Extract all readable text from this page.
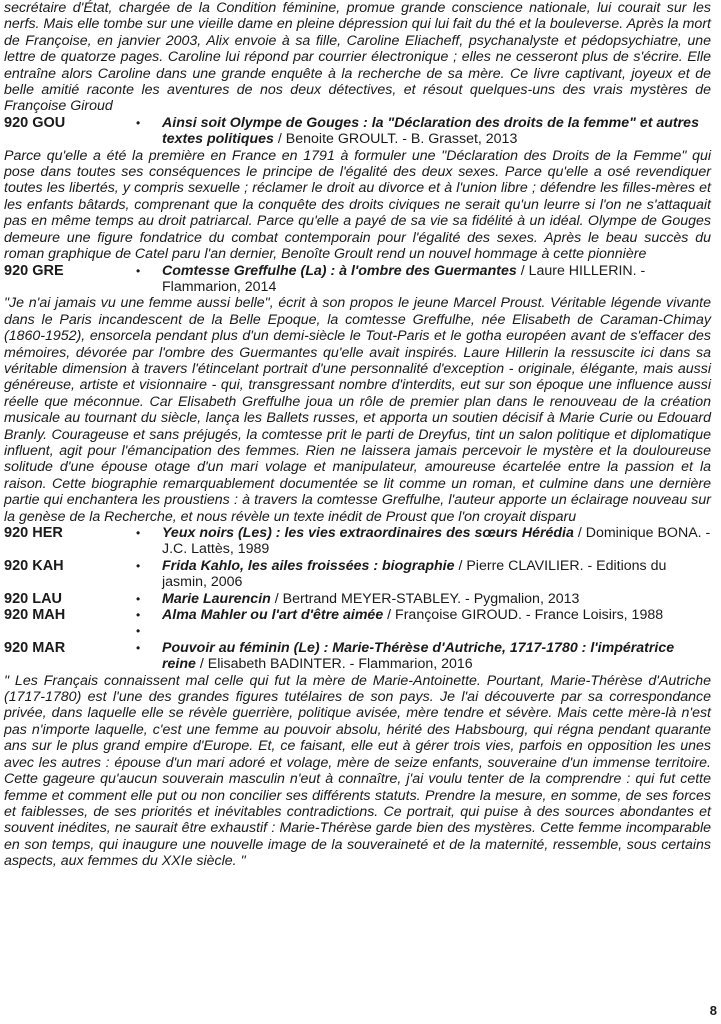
secrétaire d'État, chargée de la Condition féminine, promue grande conscience nationale, lui courait sur les nerfs. Mais elle tombe sur une vieille dame en pleine dépression qui lui fait du thé et la bouleverse. Après la mort de Françoise, en janvier 2003, Alix envoie à sa fille, Caroline Eliacheff, psychanalyste et pédopsychiatre, une lettre de quatorze pages. Caroline lui répond par courrier électronique ; elles ne cesseront plus de s'écrire. Elle entraîne alors Caroline dans une grande enquête à la recherche de sa mère. Ce livre captivant, joyeux et de belle amitié raconte les aventures de nos deux détectives, et résout quelques-uns des vrais mystères de Françoise Giroud

920 GOU	•	Ainsi soit Olympe de Gouges : la "Déclaration des droits de la femme" et autres textes politiques / Benoite GROULT. - B. Grasset, 2013

Parce qu'elle a été la première en France en 1791 à formuler une "Déclaration des Droits de la Femme" qui pose dans toutes ses conséquences le principe de l'égalité des deux sexes. Parce qu'elle a osé revendiquer toutes les libertés, y compris sexuelle ; réclamer le droit au divorce et à l'union libre ; défendre les filles-mères et les enfants bâtards, comprenant que la conquête des droits civiques ne serait qu'un leurre si l'on ne s'attaquait pas en même temps au droit patriarcal. Parce qu'elle a payé de sa vie sa fidélité à un idéal. Olympe de Gouges demeure une figure fondatrice du combat contemporain pour l'égalité des sexes. Après le beau succès du roman graphique de Catel paru l'an dernier, Benoîte Groult rend un nouvel hommage à cette pionnière

920 GRE	•	Comtesse Greffulhe (La) : à l'ombre des Guermantes / Laure HILLERIN. - Flammarion, 2014

"Je n'ai jamais vu une femme aussi belle", écrit à son propos le jeune Marcel Proust. Véritable légende vivante dans le Paris incandescent de la Belle Epoque, la comtesse Greffulhe, née Elisabeth de Caraman-Chimay (1860-1952), ensorcela pendant plus d'un demi-siècle le Tout-Paris et le gotha européen avant de s'effacer des mémoires, dévorée par l'ombre des Guermantes qu'elle avait inspirés. Laure Hillerin la ressuscite ici dans sa véritable dimension à travers l'étincelant portrait d'une personnalité d'exception - originale, élégante, mais aussi généreuse, artiste et visionnaire - qui, transgressant nombre d'interdits, eut sur son époque une influence aussi réelle que méconnue. Car Elisabeth Greffulhe joua un rôle de premier plan dans le renouveau de la création musicale au tournant du siècle, lança les Ballets russes, et apporta un soutien décisif à Marie Curie ou Edouard Branly. Courageuse et sans préjugés, la comtesse prit le parti de Dreyfus, tint un salon politique et diplomatique influent, agit pour l'émancipation des femmes. Rien ne laissera jamais percevoir le mystère et la douloureuse solitude d'une épouse otage d'un mari volage et manipulateur, amoureuse écartelée entre la passion et la raison. Cette biographie remarquablement documentée se lit comme un roman, et culmine dans une dernière partie qui enchantera les proustiens : à travers la comtesse Greffulhe, l'auteur apporte un éclairage nouveau sur la genèse de la Recherche, et nous révèle un texte inédit de Proust que l'on croyait disparu

920 HER	•	Yeux noirs (Les) : les vies extraordinaires des sœurs Hérédia / Dominique BONA. - J.C. Lattès, 1989
920 KAH	•	Frida Kahlo, les ailes froissées : biographie / Pierre CLAVILIER. - Editions du jasmin, 2006
920 LAU	•	Marie Laurencin / Bertrand MEYER-STABLEY. - Pygmalion, 2013
920 MAH	•	Alma Mahler ou l'art d'être aimée / Françoise GIROUD. - France Loisirs, 1988
•
920 MAR	•	Pouvoir au féminin (Le) : Marie-Thérèse d'Autriche, 1717-1780 : l'impératrice reine / Elisabeth BADINTER. - Flammarion, 2016

" Les Français connaissent mal celle qui fut la mère de Marie-Antoinette. Pourtant, Marie-Thérèse d'Autriche (1717-1780) est l'une des grandes figures tutélaires de son pays. Je l'ai découverte par sa correspondance privée, dans laquelle elle se révèle guerrière, politique avisée, mère tendre et sévère. Mais cette mère-là n'est pas n'importe laquelle, c'est une femme au pouvoir absolu, hérité des Habsbourg, qui régna pendant quarante ans sur le plus grand empire d'Europe. Et, ce faisant, elle eut à gérer trois vies, parfois en opposition les unes avec les autres : épouse d'un mari adoré et volage, mère de seize enfants, souveraine d'un immense territoire. Cette gageure qu'aucun souverain masculin n'eut à connaître, j'ai voulu tenter de la comprendre : qui fut cette femme et comment elle put ou non concilier ses différents statuts. Prendre la mesure, en somme, de ses forces et faiblesses, de ses priorités et inévitables contradictions. Ce portrait, qui puise à des sources abondantes et souvent inédites, ne saurait être exhaustif : Marie-Thérèse garde bien des mystères. Cette femme incomparable en son temps, qui inaugure une nouvelle image de la souveraineté et de la maternité, ressemble, sous certains aspects, aux femmes du XXIe siècle. "

8
